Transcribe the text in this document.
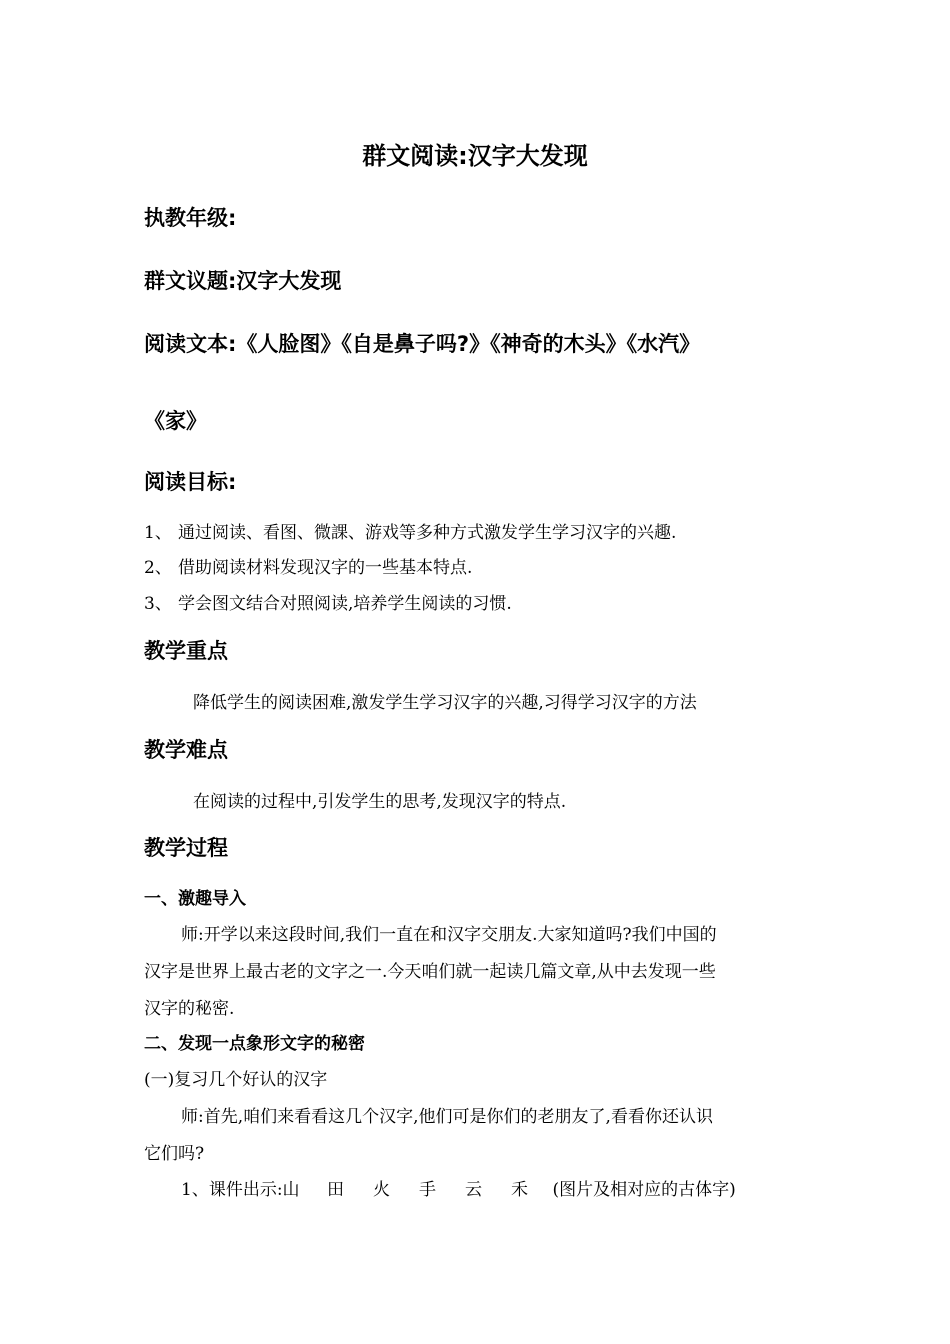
群文阅读:汉字大发现
执教年级:
群文议题:汉字大发现
阅读文本:《人脸图》《自是鼻子吗?》《神奇的木头》《水汽》
《家》
阅读目标:
1、 通过阅读、看图、微課、游戏等多种方式激发学生学习汉字的兴趣.
2、 借助阅读材料发现汉字的一些基本特点.
3、 学会图文结合对照阅读,培养学生阅读的习惯.
教学重点
降低学生的阅读困难,激发学生学习汉字的兴趣,习得学习汉字的方法
教学难点
在阅读的过程中,引发学生的思考,发现汉字的特点.
教学过程
一、激趣导入
师:开学以来这段时间,我们一直在和汉字交朋友.大家知道吗?我们中国的
汉字是世界上最古老的文字之一.今天咱们就一起读几篇文章,从中去发现一些
汉字的秘密.
二、发现一点象形文字的秘密
(一)复习几个好认的汉字
师:首先,咱们来看看这几个汉字,他们可是你们的老朋友了,看看你还认识
它们吗?
1、课件出示:山 田 火 手 云 禾 (图片及相对应的古体字)
